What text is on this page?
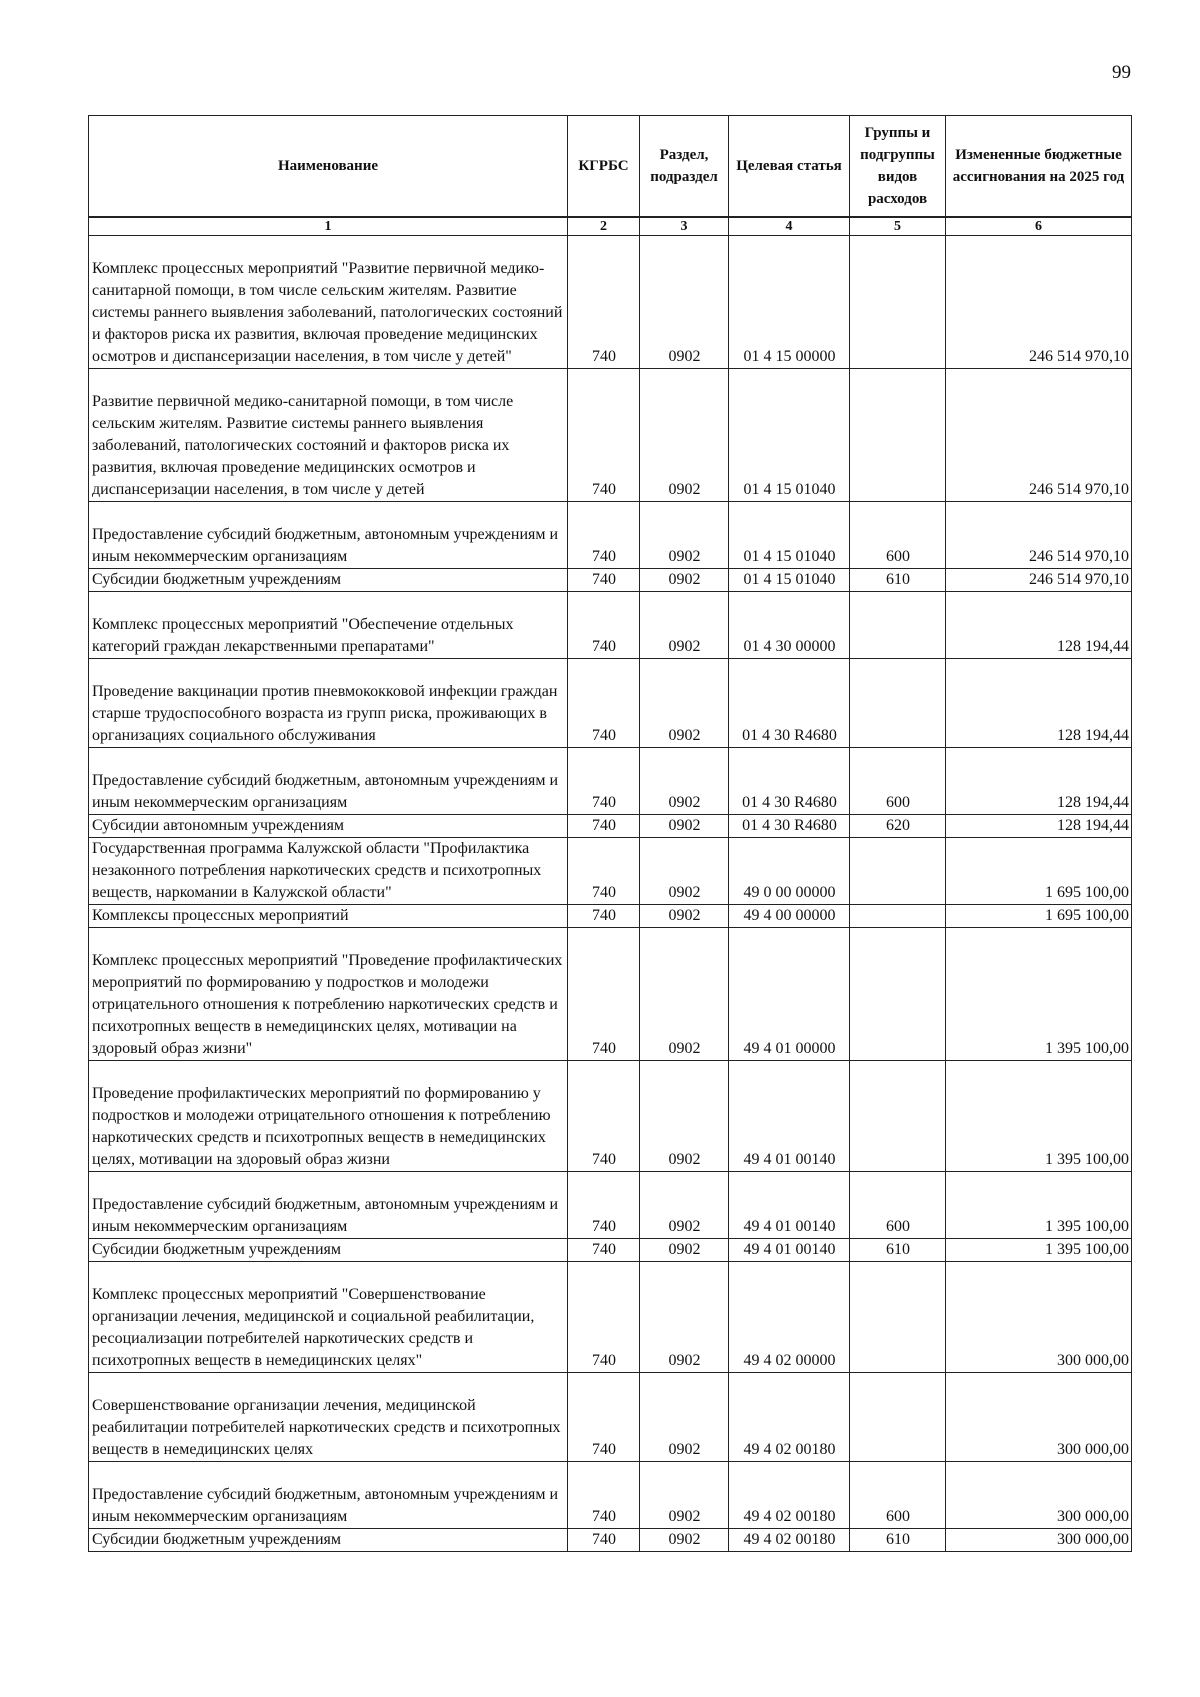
99
Наименование	КГРБС	Раздел, подраздел	Целевая статья	Группы и подгруппы видов расходов	Измененные бюджетные ассигнования на 2025 год
1	2	3	4	5	6

Комплекс процессных мероприятий "Развитие первичной медико-санитарной помощи, в том числе сельским жителям. Развитие системы раннего выявления заболеваний, патологических состояний и факторов риска их развития, включая проведение медицинских осмотров и диспансеризации населения, в том числе у детей"	740	0902	01 4 15 00000		246 514 970,10

Развитие первичной медико-санитарной помощи, в том числе сельским жителям. Развитие системы раннего выявления заболеваний, патологических состояний и факторов риска их развития, включая проведение медицинских осмотров и диспансеризации населения, в том числе у детей	740	0902	01 4 15 01040		246 514 970,10

Предоставление субсидий бюджетным, автономным учреждениям и иным некоммерческим организациям	740	0902	01 4 15 01040	600	246 514 970,10

Субсидии бюджетным учреждениям	740	0902	01 4 15 01040	610	246 514 970,10

Комплекс процессных мероприятий "Обеспечение отдельных категорий граждан лекарственными препаратами"	740	0902	01 4 30 00000		128 194,44

Проведение вакцинации против пневмококковой инфекции граждан старше трудоспособного возраста из групп риска, проживающих в организациях социального обслуживания	740	0902	01 4 30 R4680		128 194,44

Предоставление субсидий бюджетным, автономным учреждениям и иным некоммерческим организациям	740	0902	01 4 30 R4680	600	128 194,44

Субсидии автономным учреждениям	740	0902	01 4 30 R4680	620	128 194,44

Государственная программа Калужской области "Профилактика незаконного потребления наркотических средств и психотропных веществ, наркомании в Калужской области"	740	0902	49 0 00 00000		1 695 100,00

Комплексы процессных мероприятий	740	0902	49 4 00 00000		1 695 100,00

Комплекс процессных мероприятий "Проведение профилактических мероприятий по формированию у подростков и молодежи отрицательного отношения к потреблению наркотических средств и психотропных веществ в немедицинских целях, мотивации на здоровый образ жизни"	740	0902	49 4 01 00000		1 395 100,00

Проведение профилактических мероприятий по формированию у подростков и молодежи отрицательного отношения к потреблению наркотических средств и психотропных веществ в немедицинских целях, мотивации на здоровый образ жизни	740	0902	49 4 01 00140		1 395 100,00

Предоставление субсидий бюджетным, автономным учреждениям и иным некоммерческим организациям	740	0902	49 4 01 00140	600	1 395 100,00

Субсидии бюджетным учреждениям	740	0902	49 4 01 00140	610	1 395 100,00

Комплекс процессных мероприятий "Совершенствование организации лечения, медицинской и социальной реабилитации, ресоциализации потребителей наркотических средств и психотропных веществ в немедицинских целях"	740	0902	49 4 02 00000		300 000,00

Совершенствование организации лечения, медицинской реабилитации потребителей наркотических средств и психотропных веществ в немедицинских целях	740	0902	49 4 02 00180		300 000,00

Предоставление субсидий бюджетным, автономным учреждениям и иным некоммерческим организациям	740	0902	49 4 02 00180	600	300 000,00

Субсидии бюджетным учреждениям	740	0902	49 4 02 00180	610	300 000,00
